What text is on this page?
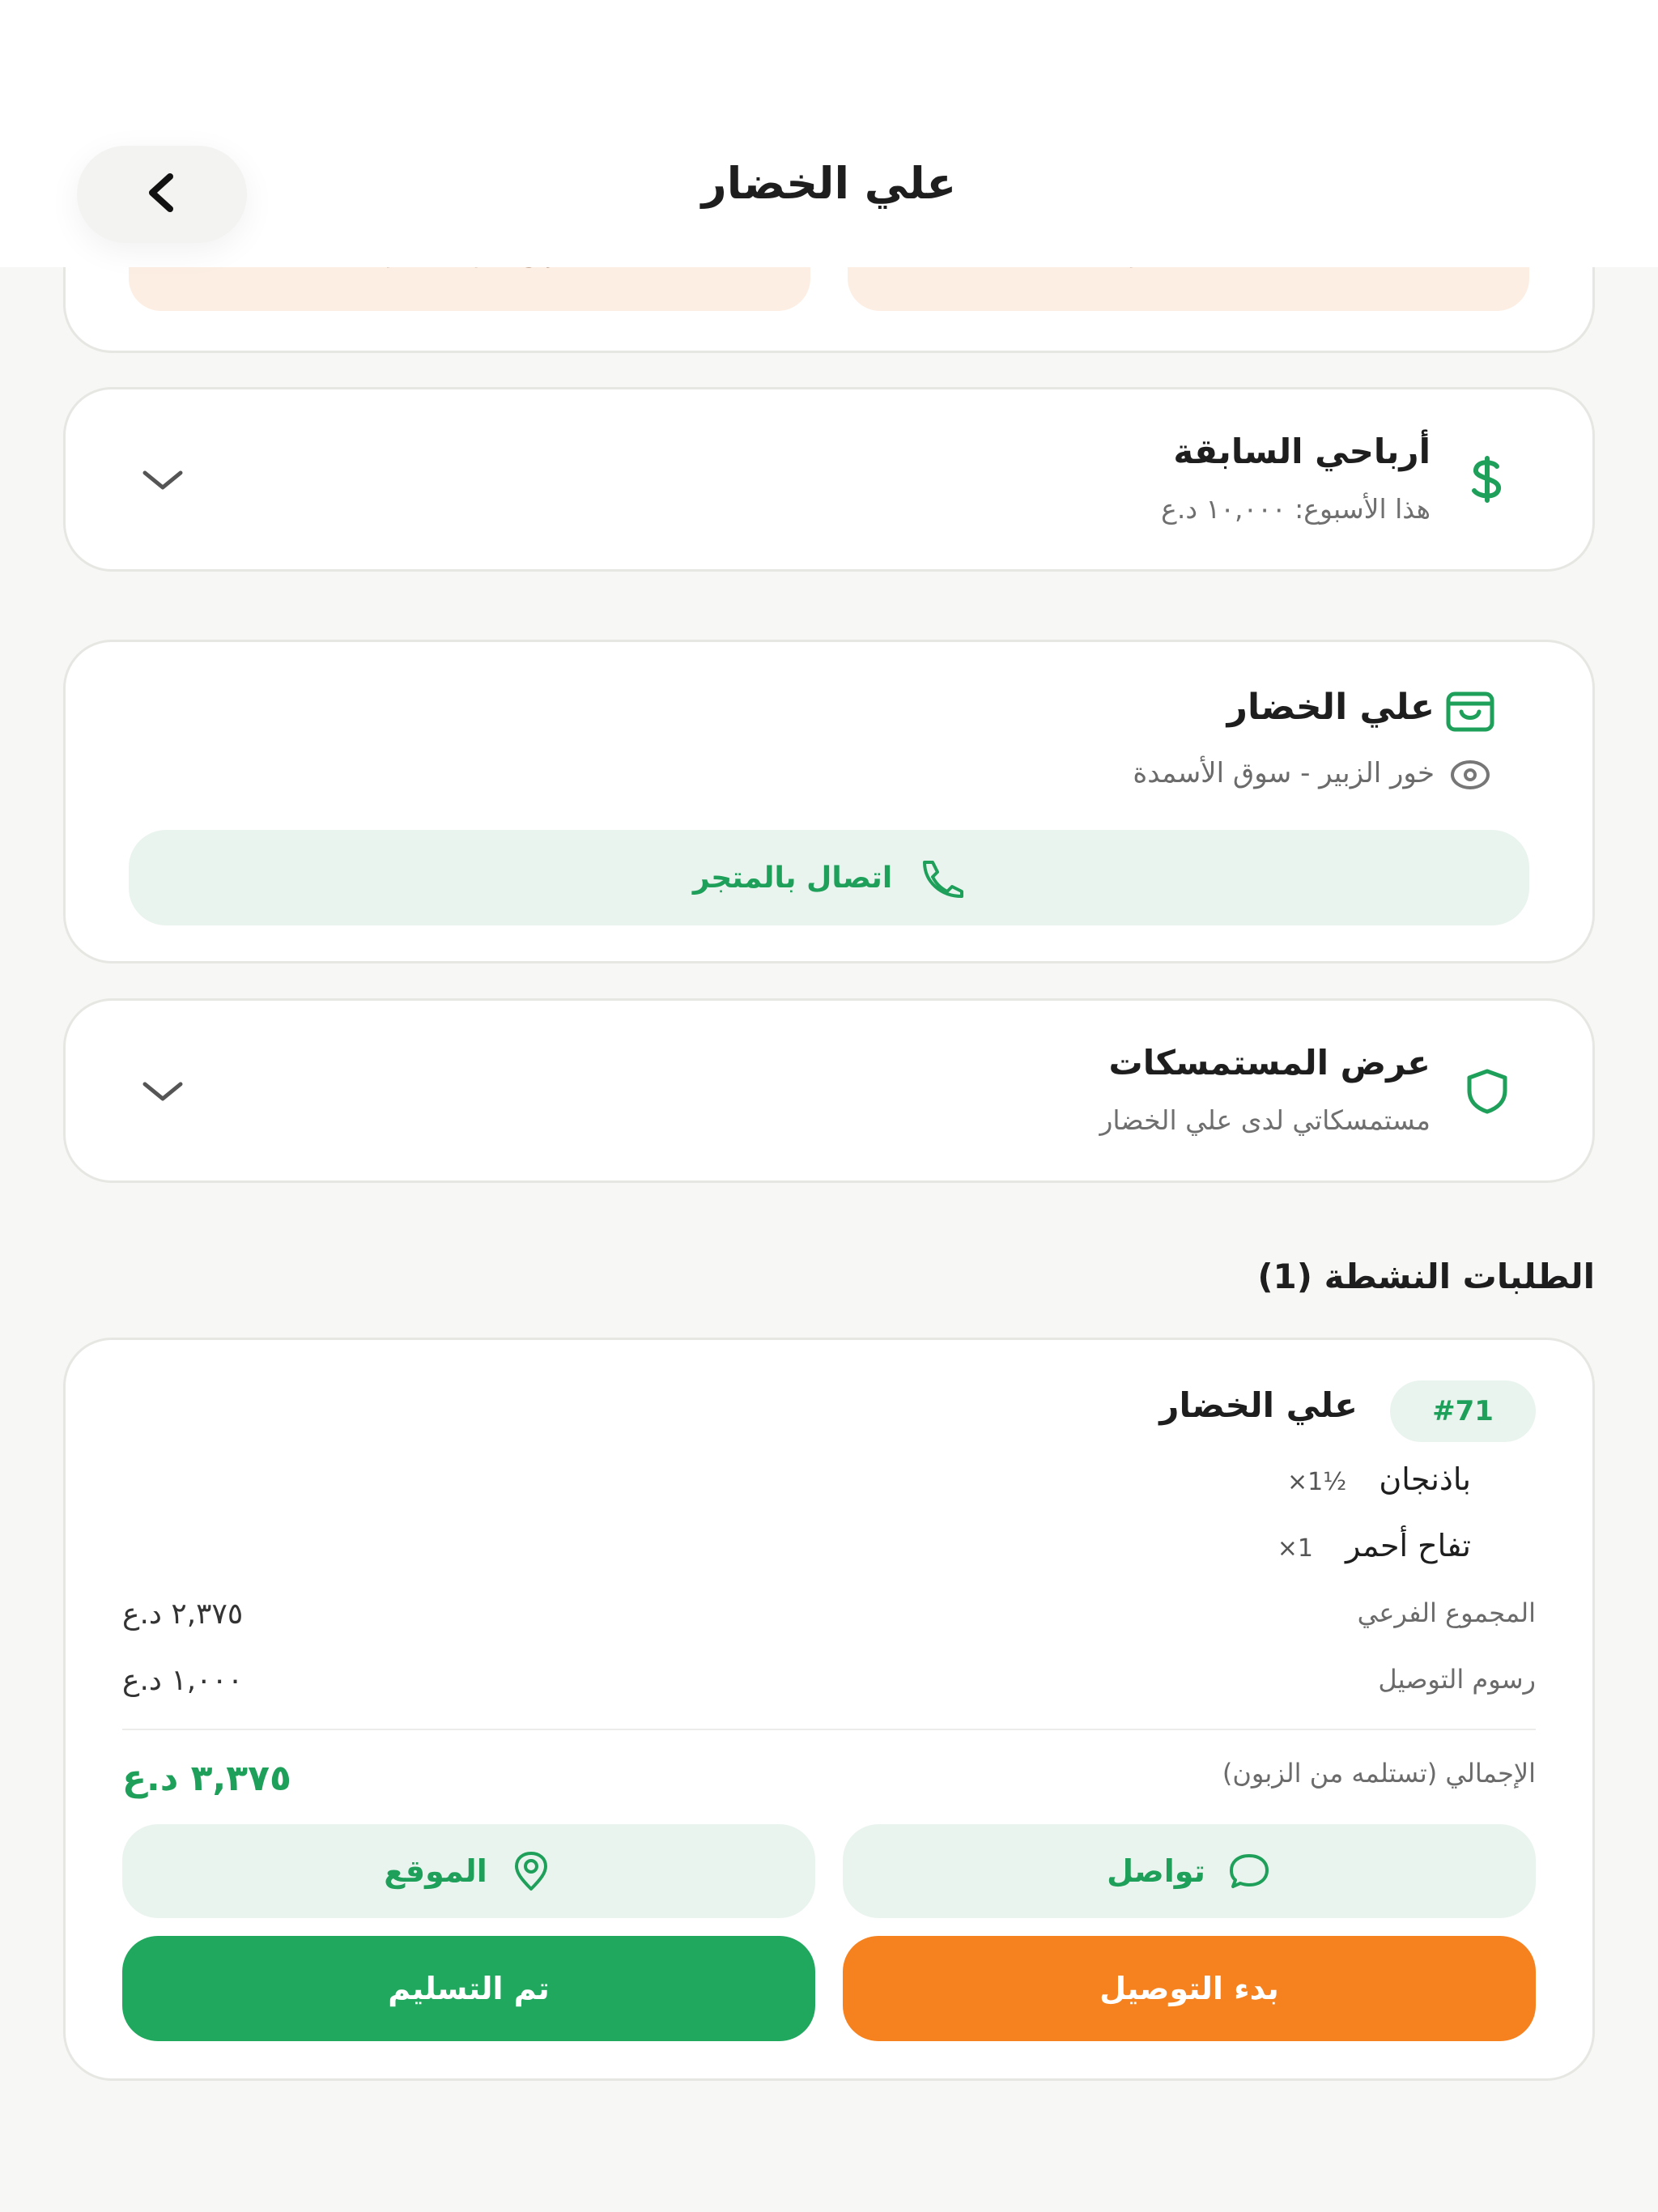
علي الخضار
أرباحي السابقة
هذا الأسبوع: ١٠,٠٠٠ د.ع
علي الخضار
خور الزبير - سوق الأسمدة
اتصال بالمتجر
عرض المستمسكات
مستمسكاتي لدى علي الخضار
الطلبات النشطة (1)
#71
علي الخضار
باذنجان
×1½
تفاح أحمر
×1
المجموع الفرعي
٢,٣٧٥ د.ع
رسوم التوصيل
١,٠٠٠ د.ع
الإجمالي (تستلمه من الزبون)
٣,٣٧٥ د.ع
تواصل
الموقع
بدء التوصيل
تم التسليم
